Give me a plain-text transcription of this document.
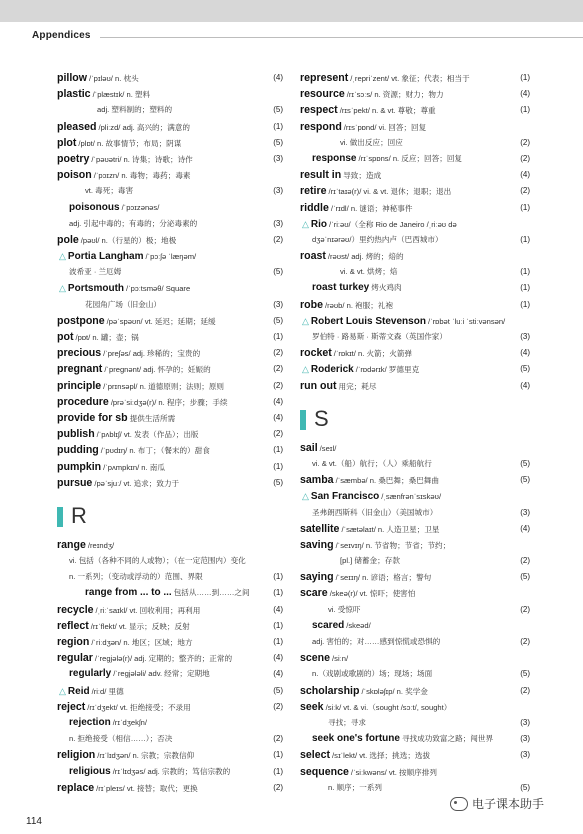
Appendices
pillow /ˈpɪləʊ/ n. 枕头	(4)
plastic /ˈplæstɪk/ n. 塑料
adj. 塑料制的；塑料的	(5)
pleased /pliːzd/ adj. 高兴的；满意的	(1)
plot /plɒt/ n. 故事情节；布局；阴谋	(5)
poetry /ˈpəʊətri/ n. 诗集；诗歌；诗作	(3)
poison /ˈpɔɪzn/ n. 毒物；毒药；毒素
vt. 毒死；毒害	(3)
poisonous /ˈpɔɪzənəs/
adj. 引起中毒的；有毒的；分泌毒素的	(3)
pole /pəʊl/ n.（行星的）极；地极	(2)
△ Portia Langham /ˈpɔːʃə ˈlæŋəm/
波希亚 · 兰厄姆	(5)
△ Portsmouth /ˈpɔːtsməθ/ Square
花园角广场（旧金山）	(3)
postpone /pəˈspəʊn/ vt. 延迟；延期；延缓	(5)
pot /pɒt/ n. 罐；壶；锅	(1)
precious /ˈpreʃəs/ adj. 珍稀的；宝贵的	(2)
pregnant /ˈpregnənt/ adj. 怀孕的；妊娠的	(2)
principle /ˈprɪnsəpl/ n. 道德原则；法则；原则	(2)
procedure /prəˈsiːdʒə(r)/ n. 程序；步骤；手续	(4)
provide for sb 提供生活所需	(4)
publish /ˈpʌblɪʃ/ vt. 发表（作品）；出版	(2)
pudding /ˈpʊdɪŋ/ n. 布丁；（餐末的）甜食	(1)
pumpkin /ˈpʌmpkɪn/ n. 南瓜	(1)
pursue /pəˈsjuː/ vt. 追求；致力于	(5)
R
range /reɪndʒ/
vi. 包括（各种不同的人或物）；（在一定范围内）变化
n. 一系列；（变动或浮动的）范围、界限	(1)
range from ... to ... 包括从……到……之间	(1)
recycle /ˌriːˈsaɪkl/ vt. 回收利用；再利用	(4)
reflect /rɪˈflekt/ vt. 显示；反映；反射	(1)
region /ˈriːdʒən/ n. 地区；区域；地方	(1)
regular /ˈregjələ(r)/ adj. 定期的；整齐的；正常的	(4)
regularly /ˈregjələli/ adv. 经常；定期地	(4)
△ Reid /riːd/ 里德	(5)
reject /rɪˈdʒekt/ vt. 拒绝接受；不录用	(2)
rejection /rɪˈdʒekʃn/
n. 拒绝接受（相信……）；否决	(2)
religion /rɪˈlɪdʒən/ n. 宗教；宗教信仰	(1)
religious /rɪˈlɪdʒəs/ adj. 宗教的；笃信宗教的	(1)
replace /rɪˈpleɪs/ vt. 接替；取代；更换	(2)
represent /ˌrepriˈzent/ vt. 象征；代表；相当于	(1)
resource /rɪˈsɔːs/ n. 资源；财力；物力	(4)
respect /rɪsˈpekt/ n. & vt. 尊敬；尊重	(1)
respond /rɪsˈpɒnd/ vi. 回答；回复
vi. 做出反应；回应	(2)
response /rɪˈspɒns/ n. 反应；回答；回复	(2)
result in 导致；造成	(4)
retire /rɪˈtaɪə(r)/ vi. & vt. 退休；退职；退出	(2)
riddle /ˈrɪdl/ n. 谜语；神秘事件	(1)
△ Rio /ˈriːəʊ/（全称 Rio de Janeiro /ˌriːəʊ də
dʒəˈnɪərəʊ/）里约热内卢（巴西城市）	(1)
roast /rəʊst/ adj. 烤的；焙的
vi. & vt. 烘烤；焙	(1)
roast turkey 烤火鸡肉	(1)
robe /rəʊb/ n. 袍服；礼袍	(1)
△ Robert Louis Stevenson /ˈrɒbət ˈluːi ˈstiːvənsən/
罗伯特 · 路易斯 · 斯蒂文森（英国作家）	(3)
rocket /ˈrɒkɪt/ n. 火箭；火箭弹	(4)
△ Roderick /ˈrɒdərɪk/ 罗德里克	(5)
run out 用完；耗尽	(4)
S
sail /seɪl/
vi. & vt.（船）航行；（人）乘船航行	(5)
samba /ˈsæmbə/ n. 桑巴舞；桑巴舞曲	(5)
△ San Francisco /ˌsænfrənˈsɪskəʊ/
圣弗朗西斯科（旧金山）（美国城市）	(3)
satellite /ˈsætəlaɪt/ n. 人造卫星；卫星	(4)
saving /ˈseɪvɪŋ/ n. 节省物；节省；节约；
[pl.] 储蓄金；存款	(2)
saying /ˈseɪɪŋ/ n. 谚语；格言；警句	(5)
scare /skeə(r)/ vt. 惊吓；使害怕
vi. 受惊吓	(2)
scared /skeəd/
adj. 害怕的；对……感到惊慌或恐惧的	(2)
scene /siːn/
n.（戏剧或歌剧的）场；现场；场面	(5)
scholarship /ˈskɒləʃɪp/ n. 奖学金	(2)
seek /siːk/ vt. & vi.（sought /sɔːt/, sought）
寻找；寻求	(3)
seek one's fortune 寻找成功致富之路；闯世界	(3)
select /sɪˈlekt/ vt. 选择；挑选；选拔	(3)
sequence /ˈsiːkwəns/ vt. 按顺序排列
n. 顺序；一系列	(5)
114
电子课本助手
